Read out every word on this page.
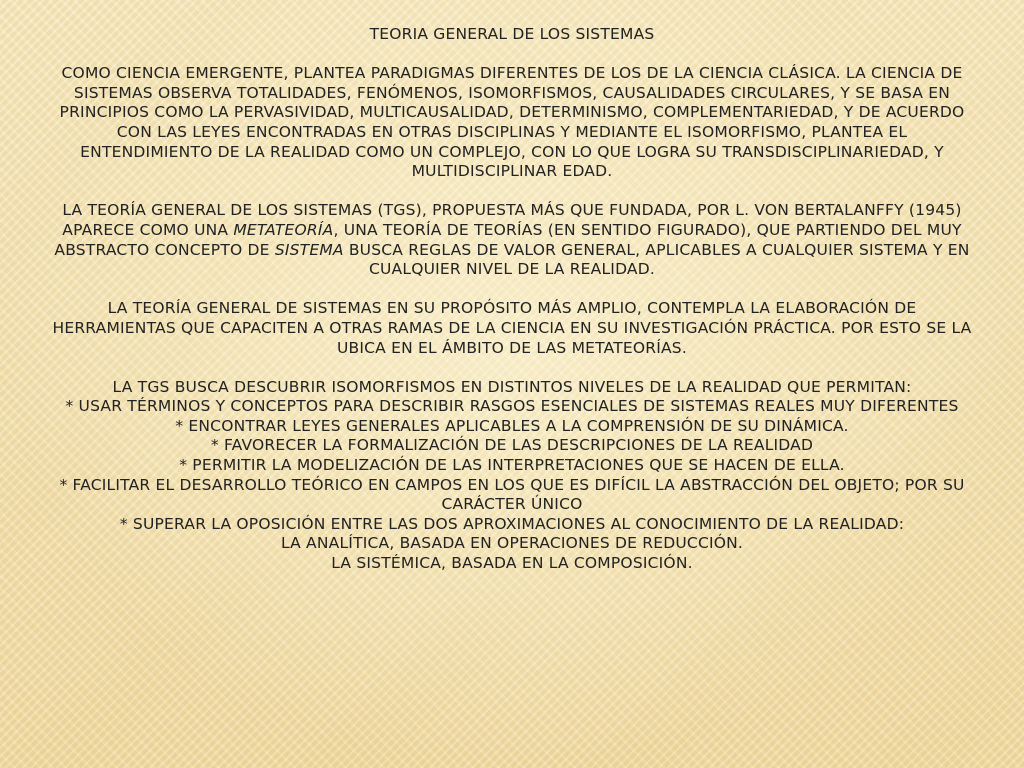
TEORIA GENERAL DE LOS SISTEMAS

COMO CIENCIA EMERGENTE, PLANTEA PARADIGMAS DIFERENTES DE LOS DE LA CIENCIA CLÁSICA. LA CIENCIA DE SISTEMAS OBSERVA TOTALIDADES, FENÓMENOS, ISOMORFISMOS, CAUSALIDADES CIRCULARES, Y SE BASA EN PRINCIPIOS COMO LA PERVASIVIDAD, MULTICAUSALIDAD, DETERMINISMO, COMPLEMENTARIEDAD, Y DE ACUERDO CON LAS LEYES ENCONTRADAS EN OTRAS DISCIPLINAS Y MEDIANTE EL ISOMORFISMO, PLANTEA EL ENTENDIMIENTO DE LA REALIDAD COMO UN COMPLEJO, CON LO QUE LOGRA SU TRANSDISCIPLINARIEDAD, Y MULTIDISCIPLINAR EDAD.

LA TEORÍA GENERAL DE LOS SISTEMAS (TGS), PROPUESTA MÁS QUE FUNDADA, POR L. VON BERTALANFFY (1945) APARECE COMO UNA METATEORÍA, UNA TEORÍA DE TEORÍAS (EN SENTIDO FIGURADO), QUE PARTIENDO DEL MUY ABSTRACTO CONCEPTO DE SISTEMA BUSCA REGLAS DE VALOR GENERAL, APLICABLES A CUALQUIER SISTEMA Y EN CUALQUIER NIVEL DE LA REALIDAD.

LA TEORÍA GENERAL DE SISTEMAS EN SU PROPÓSITO MÁS AMPLIO, CONTEMPLA LA ELABORACIÓN DE HERRAMIENTAS QUE CAPACITEN A OTRAS RAMAS DE LA CIENCIA EN SU INVESTIGACIÓN PRÁCTICA. POR ESTO SE LA UBICA EN EL ÁMBITO DE LAS METATEORÍAS.

LA TGS BUSCA DESCUBRIR ISOMORFISMOS EN DISTINTOS NIVELES DE LA REALIDAD QUE PERMITAN:

* USAR TÉRMINOS Y CONCEPTOS PARA DESCRIBIR RASGOS ESENCIALES DE SISTEMAS REALES MUY DIFERENTES

* ENCONTRAR LEYES GENERALES APLICABLES A LA COMPRENSIÓN DE SU DINÁMICA.

* FAVORECER LA FORMALIZACIÓN DE LAS DESCRIPCIONES DE LA REALIDAD

* PERMITIR LA MODELIZACIÓN DE LAS INTERPRETACIONES QUE SE HACEN DE ELLA.

* FACILITAR EL DESARROLLO TEÓRICO EN CAMPOS EN LOS QUE ES DIFÍCIL LA ABSTRACCIÓN DEL OBJETO; POR SU CARÁCTER ÚNICO

* SUPERAR LA OPOSICIÓN ENTRE LAS DOS APROXIMACIONES AL CONOCIMIENTO DE LA REALIDAD:

LA ANALÍTICA, BASADA EN OPERACIONES DE REDUCCIÓN.

LA SISTÉMICA, BASADA EN LA COMPOSICIÓN.
